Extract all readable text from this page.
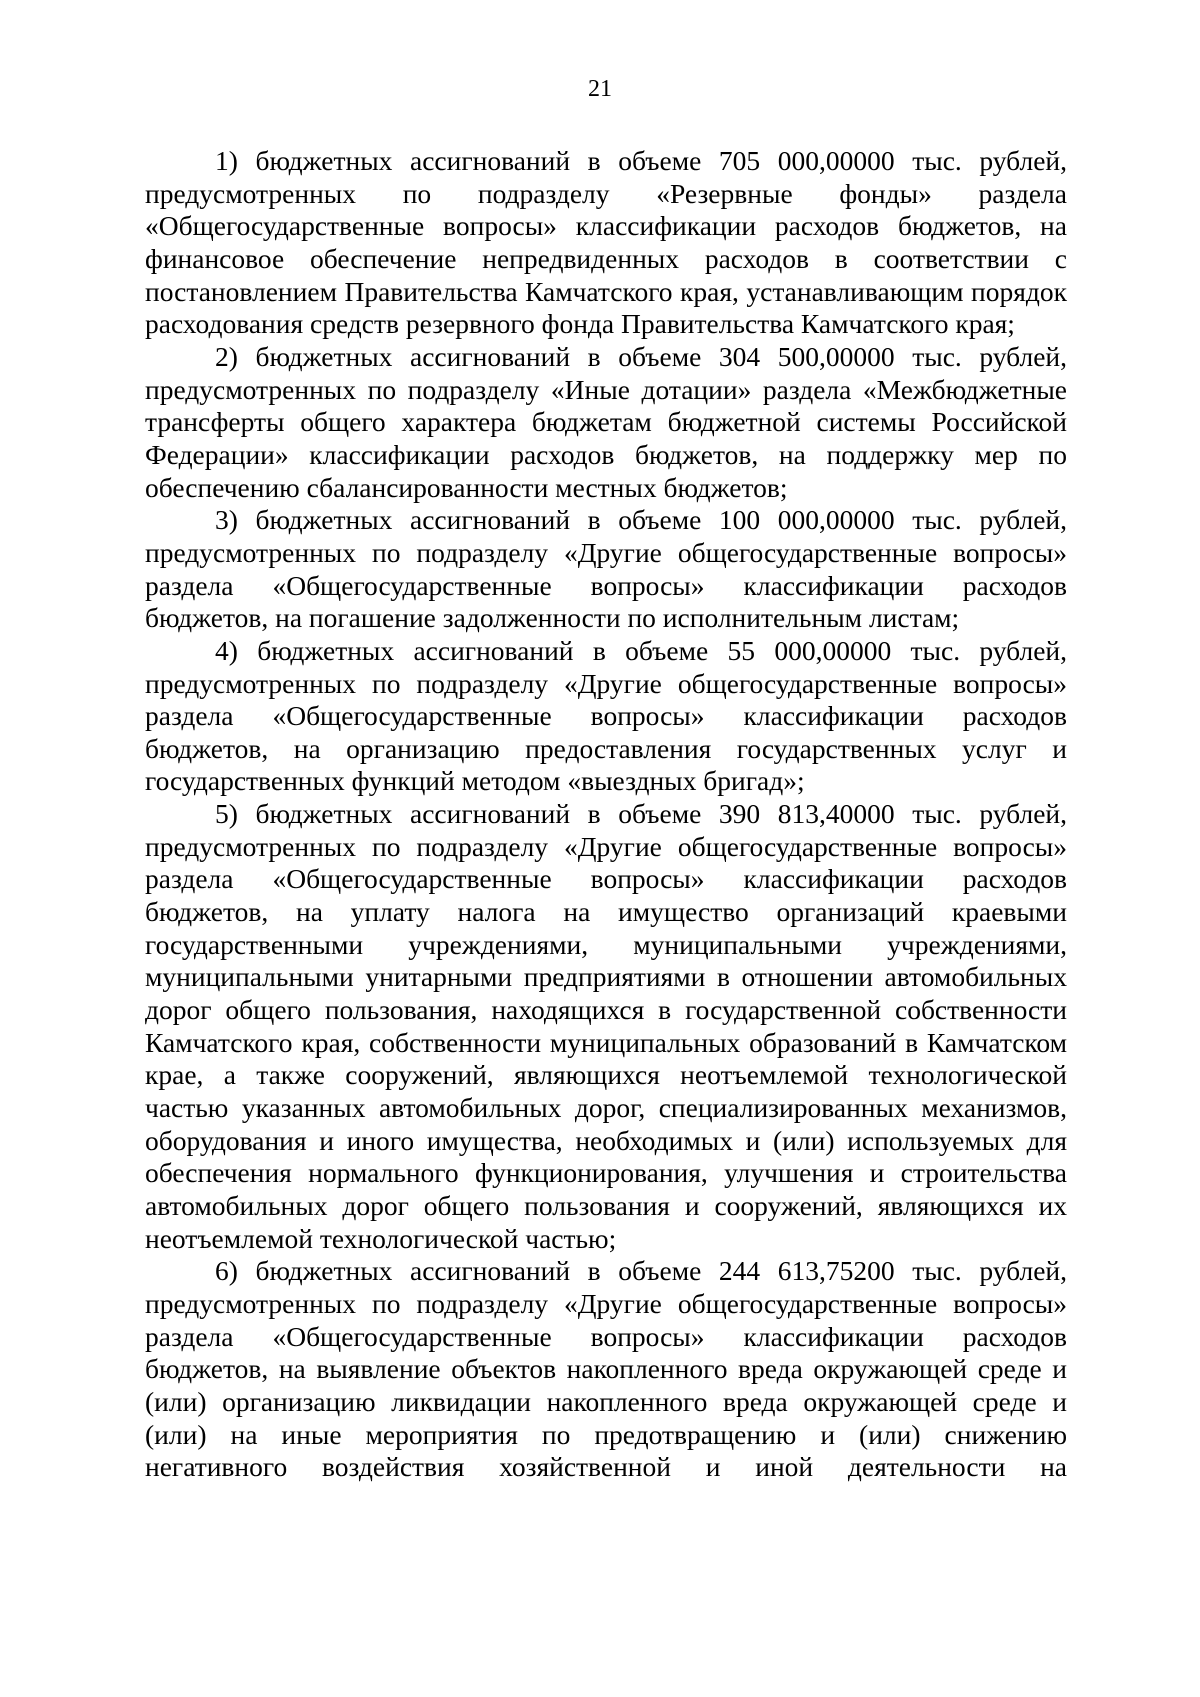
21

1) бюджетных ассигнований в объеме 705 000,00000 тыс. рублей, предусмотренных по подразделу «Резервные фонды» раздела «Общегосударственные вопросы» классификации расходов бюджетов, на финансовое обеспечение непредвиденных расходов в соответствии с постановлением Правительства Камчатского края, устанавливающим порядок расходования средств резервного фонда Правительства Камчатского края;

2) бюджетных ассигнований в объеме 304 500,00000 тыс. рублей, предусмотренных по подразделу «Иные дотации» раздела «Межбюджетные трансферты общего характера бюджетам бюджетной системы Российской Федерации» классификации расходов бюджетов, на поддержку мер по обеспечению сбалансированности местных бюджетов;

3) бюджетных ассигнований в объеме 100 000,00000 тыс. рублей, предусмотренных по подразделу «Другие общегосударственные вопросы» раздела «Общегосударственные вопросы» классификации расходов бюджетов, на погашение задолженности по исполнительным листам;

4) бюджетных ассигнований в объеме 55 000,00000 тыс. рублей, предусмотренных по подразделу «Другие общегосударственные вопросы» раздела «Общегосударственные вопросы» классификации расходов бюджетов, на организацию предоставления государственных услуг и государственных функций методом «выездных бригад»;

5) бюджетных ассигнований в объеме 390 813,40000 тыс. рублей, предусмотренных по подразделу «Другие общегосударственные вопросы» раздела «Общегосударственные вопросы» классификации расходов бюджетов, на уплату налога на имущество организаций краевыми государственными учреждениями, муниципальными учреждениями, муниципальными унитарными предприятиями в отношении автомобильных дорог общего пользования, находящихся в государственной собственности Камчатского края, собственности муниципальных образований в Камчатском крае, а также сооружений, являющихся неотъемлемой технологической частью указанных автомобильных дорог, специализированных механизмов, оборудования и иного имущества, необходимых и (или) используемых для обеспечения нормального функционирования, улучшения и строительства автомобильных дорог общего пользования и сооружений, являющихся их неотъемлемой технологической частью;

6) бюджетных ассигнований в объеме 244 613,75200 тыс. рублей, предусмотренных по подразделу «Другие общегосударственные вопросы» раздела «Общегосударственные вопросы» классификации расходов бюджетов, на выявление объектов накопленного вреда окружающей среде и (или) организацию ликвидации накопленного вреда окружающей среде и (или) на иные мероприятия по предотвращению и (или) снижению негативного воздействия хозяйственной и иной деятельности на
